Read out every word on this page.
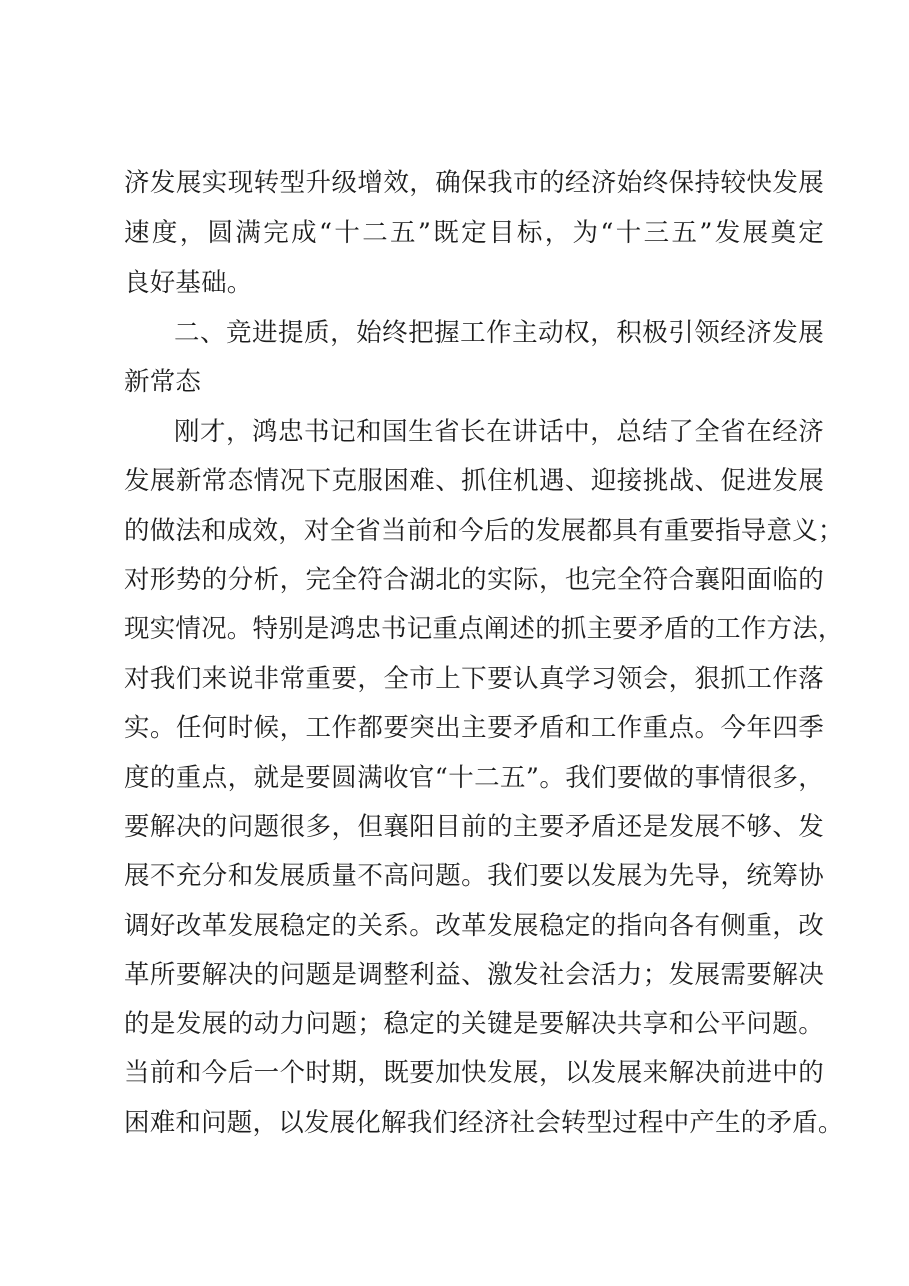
济发展实现转型升级增效，确保我市的经济始终保持较快发展
速度，圆满完成“十二五”既定目标，为“十三五”发展奠定
良好基础。
二、竞进提质，始终把握工作主动权，积极引领经济发展
新常态
刚才，鸿忠书记和国生省长在讲话中，总结了全省在经济
发展新常态情况下克服困难、抓住机遇、迎接挑战、促进发展
的做法和成效，对全省当前和今后的发展都具有重要指导意义；
对形势的分析，完全符合湖北的实际，也完全符合襄阳面临的
现实情况。特别是鸿忠书记重点阐述的抓主要矛盾的工作方法，
对我们来说非常重要，全市上下要认真学习领会，狠抓工作落
实。任何时候，工作都要突出主要矛盾和工作重点。今年四季
度的重点，就是要圆满收官“十二五”。我们要做的事情很多，
要解决的问题很多，但襄阳目前的主要矛盾还是发展不够、发
展不充分和发展质量不高问题。我们要以发展为先导，统筹协
调好改革发展稳定的关系。改革发展稳定的指向各有侧重，改
革所要解决的问题是调整利益、激发社会活力；发展需要解决
的是发展的动力问题；稳定的关键是要解决共享和公平问题。
当前和今后一个时期，既要加快发展，以发展来解决前进中的
困难和问题，以发展化解我们经济社会转型过程中产生的矛盾。
